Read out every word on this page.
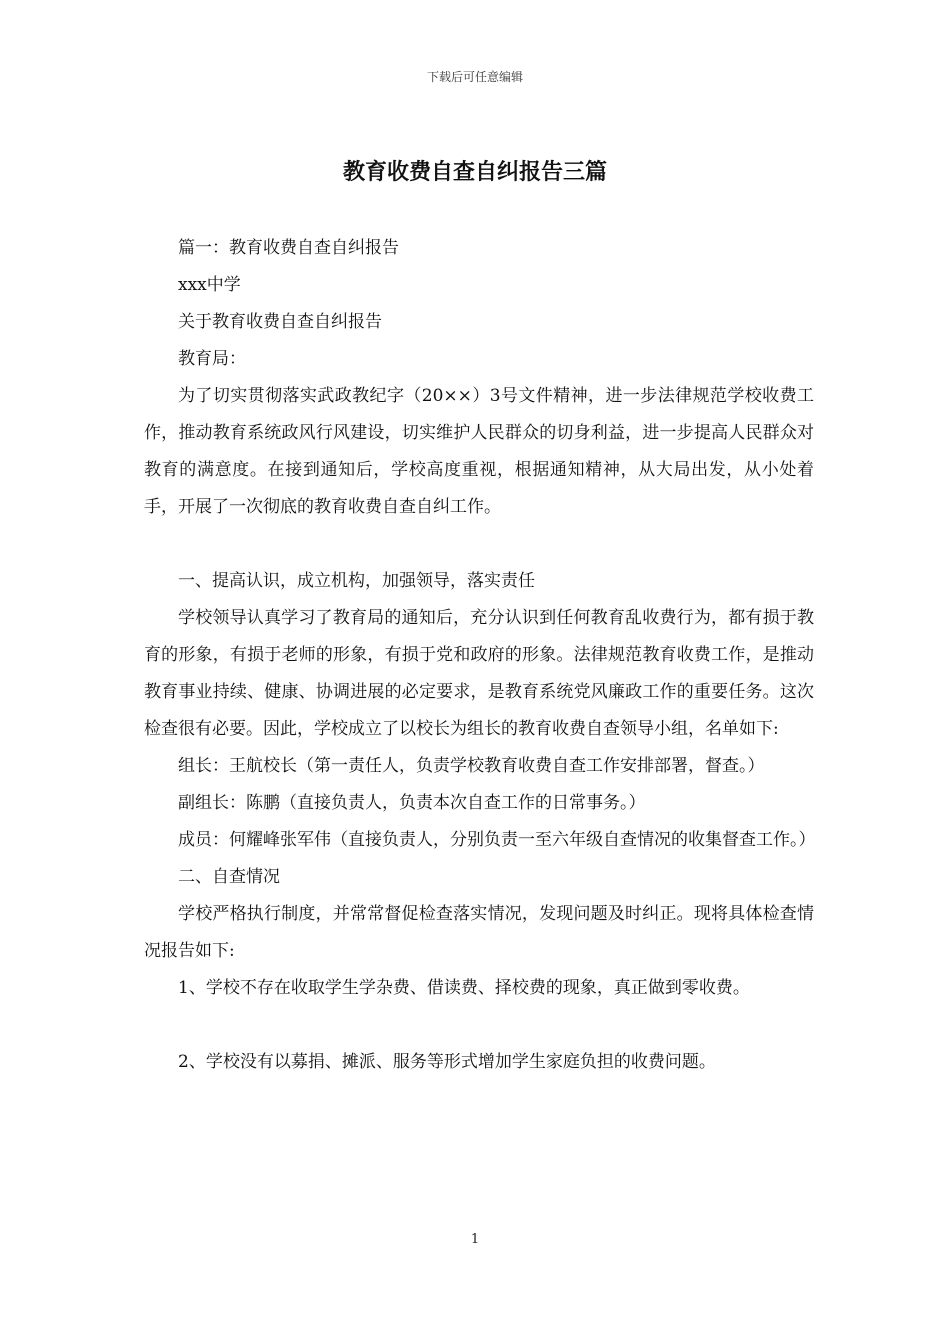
下载后可任意编辑
教育收费自查自纠报告三篇

篇一：教育收费自查自纠报告

xxx中学

关于教育收费自查自纠报告

教育局：

为了切实贯彻落实武政教纪字（20××）3号文件精神，进一步法律规范学校收费工作，推动教育系统政风行风建设，切实维护人民群众的切身利益，进一步提高人民群众对教育的满意度。在接到通知后，学校高度重视，根据通知精神，从大局出发，从小处着手，开展了一次彻底的教育收费自查自纠工作。

一、提高认识，成立机构，加强领导，落实责任

学校领导认真学习了教育局的通知后，充分认识到任何教育乱收费行为，都有损于教育的形象，有损于老师的形象，有损于党和政府的形象。法律规范教育收费工作，是推动教育事业持续、健康、协调进展的必定要求，是教育系统党风廉政工作的重要任务。这次检查很有必要。因此，学校成立了以校长为组长的教育收费自查领导小组，名单如下:

组长：王航校长（第一责任人，负责学校教育收费自查工作安排部署，督查。）

副组长：陈鹏（直接负责人，负责本次自查工作的日常事务。）

成员：何耀峰张军伟（直接负责人，分别负责一至六年级自查情况的收集督查工作。）

二、自查情况

学校严格执行制度，并常常督促检查落实情况，发现问题及时纠正。现将具体检查情况报告如下:

1、学校不存在收取学生学杂费、借读费、择校费的现象，真正做到零收费。

2、学校没有以募捐、摊派、服务等形式增加学生家庭负担的收费问题。

1
